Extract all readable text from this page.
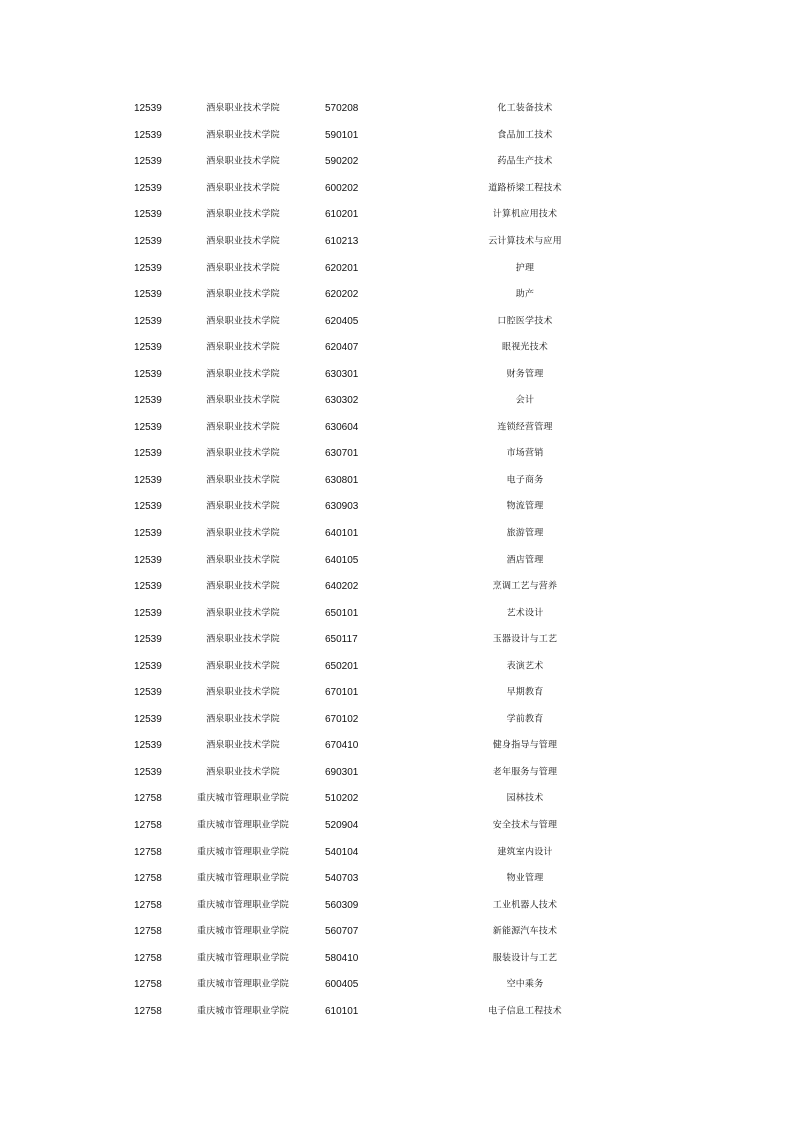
12539	酒泉职业技术学院	570208	化工装备技术
12539	酒泉职业技术学院	590101	食品加工技术
12539	酒泉职业技术学院	590202	药品生产技术
12539	酒泉职业技术学院	600202	道路桥梁工程技术
12539	酒泉职业技术学院	610201	计算机应用技术
12539	酒泉职业技术学院	610213	云计算技术与应用
12539	酒泉职业技术学院	620201	护理
12539	酒泉职业技术学院	620202	助产
12539	酒泉职业技术学院	620405	口腔医学技术
12539	酒泉职业技术学院	620407	眼视光技术
12539	酒泉职业技术学院	630301	财务管理
12539	酒泉职业技术学院	630302	会计
12539	酒泉职业技术学院	630604	连锁经营管理
12539	酒泉职业技术学院	630701	市场营销
12539	酒泉职业技术学院	630801	电子商务
12539	酒泉职业技术学院	630903	物流管理
12539	酒泉职业技术学院	640101	旅游管理
12539	酒泉职业技术学院	640105	酒店管理
12539	酒泉职业技术学院	640202	烹调工艺与营养
12539	酒泉职业技术学院	650101	艺术设计
12539	酒泉职业技术学院	650117	玉器设计与工艺
12539	酒泉职业技术学院	650201	表演艺术
12539	酒泉职业技术学院	670101	早期教育
12539	酒泉职业技术学院	670102	学前教育
12539	酒泉职业技术学院	670410	健身指导与管理
12539	酒泉职业技术学院	690301	老年服务与管理
12758	重庆城市管理职业学院	510202	园林技术
12758	重庆城市管理职业学院	520904	安全技术与管理
12758	重庆城市管理职业学院	540104	建筑室内设计
12758	重庆城市管理职业学院	540703	物业管理
12758	重庆城市管理职业学院	560309	工业机器人技术
12758	重庆城市管理职业学院	560707	新能源汽车技术
12758	重庆城市管理职业学院	580410	服装设计与工艺
12758	重庆城市管理职业学院	600405	空中乘务
12758	重庆城市管理职业学院	610101	电子信息工程技术
